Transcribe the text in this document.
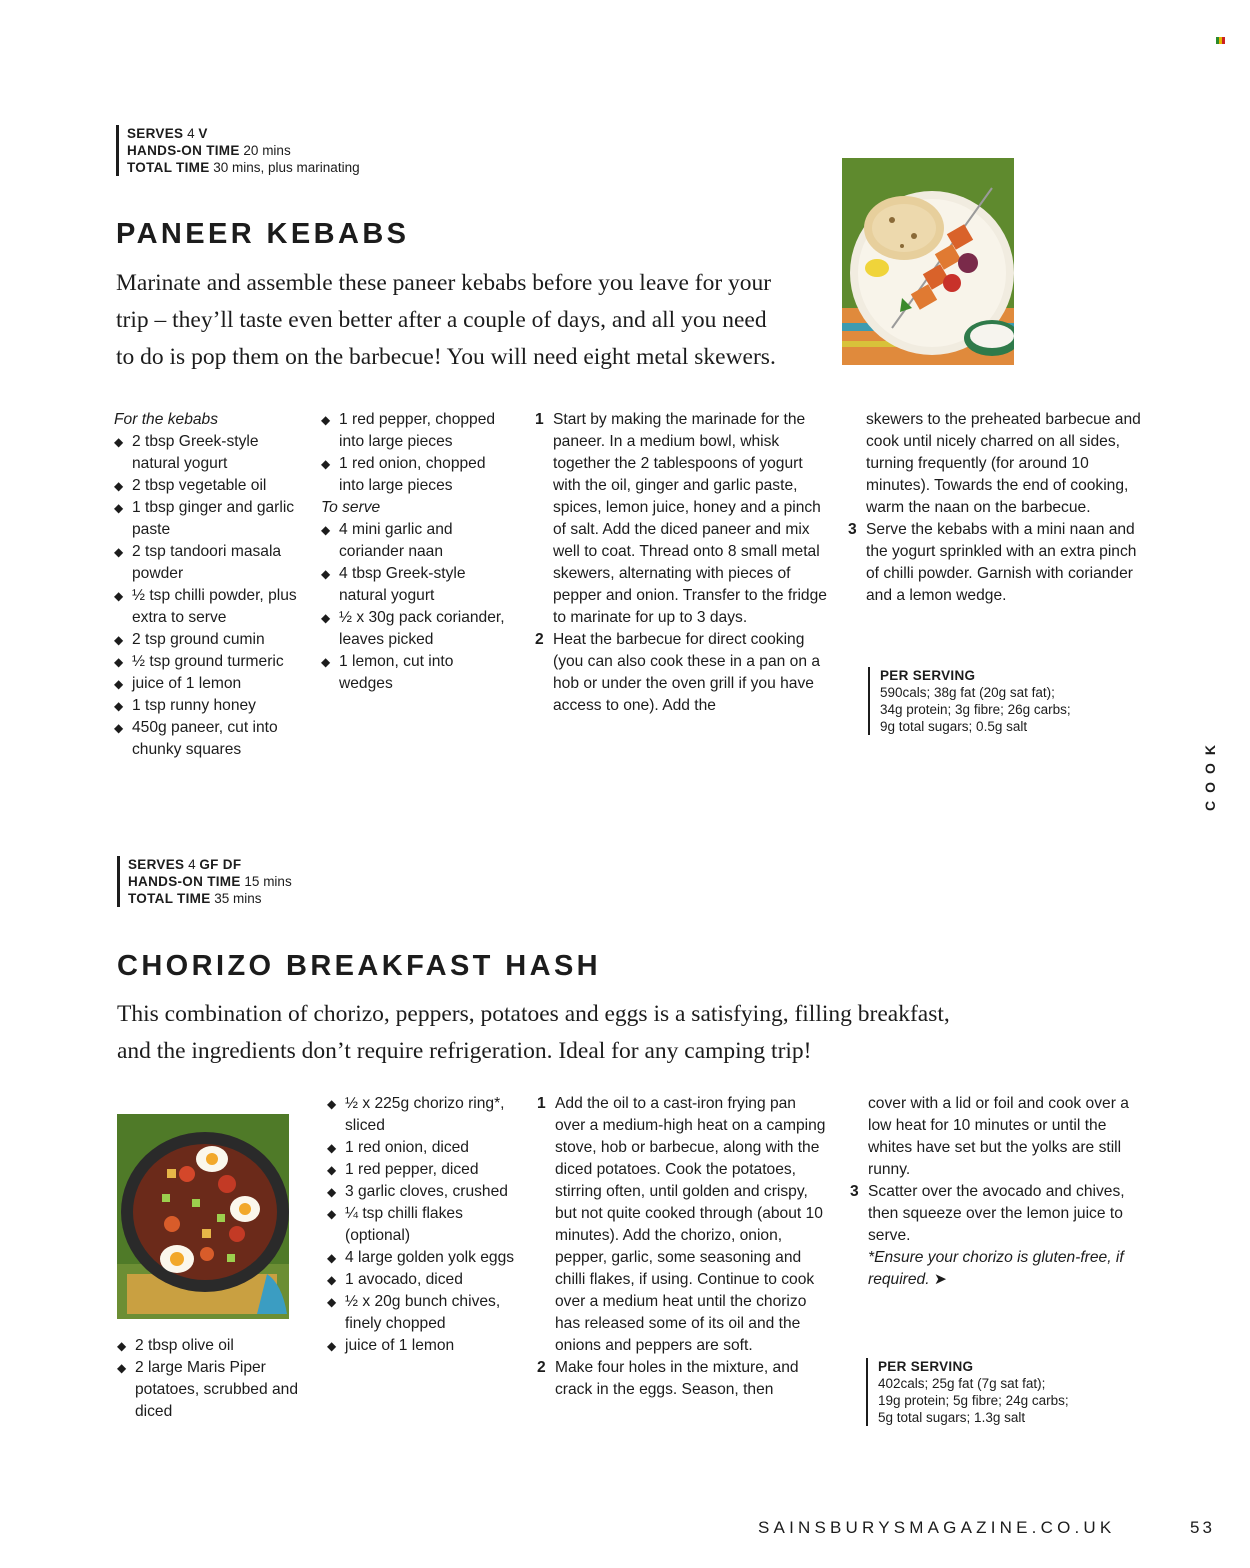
SERVES 4 V
HANDS-ON TIME 20 mins
TOTAL TIME 30 mins, plus marinating
PANEER KEBABS
Marinate and assemble these paneer kebabs before you leave for your
trip – they’ll taste even better after a couple of days, and all you need
to do is pop them on the barbecue! You will need eight metal skewers.

For the kebabs

◆ 2 tbsp Greek-style natural yogurt

◆ 2 tbsp vegetable oil

◆ 1 tbsp ginger and garlic paste

◆ 2 tsp tandoori masala powder

◆ ½ tsp chilli powder, plus extra to serve

◆ 2 tsp ground cumin

◆ ½ tsp ground turmeric

◆ juice of 1 lemon

◆ 1 tsp runny honey

◆ 450g paneer, cut into chunky squares

◆ 1 red pepper, chopped into large pieces

◆ 1 red onion, chopped into large pieces

To serve

◆ 4 mini garlic and coriander naan

◆ 4 tbsp Greek-style natural yogurt

◆ ½ x 30g pack coriander, leaves picked

◆ 1 lemon, cut into wedges

1 Start by making the marinade for the paneer. In a medium bowl, whisk together the 2 tablespoons of yogurt with the oil, ginger and garlic paste, spices, lemon juice, honey and a pinch of salt. Add the diced paneer and mix well to coat. Thread onto 8 small metal skewers, alternating with pieces of pepper and onion. Transfer to the fridge to marinate for up to 3 days.

2 Heat the barbecue for direct cooking (you can also cook these in a pan on a hob or under the oven grill if you have access to one). Add the

skewers to the preheated barbecue and cook until nicely charred on all sides, turning frequently (for around 10 minutes). Towards the end of cooking, warm the naan on the barbecue.

3 Serve the kebabs with a mini naan and the yogurt sprinkled with an extra pinch of chilli powder. Garnish with coriander and a lemon wedge.

PER SERVING
590cals; 38g fat (20g sat fat);
34g protein; 3g fibre; 26g carbs;
9g total sugars; 0.5g salt
COOK
SERVES 4 GF DF
HANDS-ON TIME 15 mins
TOTAL TIME 35 mins
CHORIZO BREAKFAST HASH
This combination of chorizo, peppers, potatoes and eggs is a satisfying, filling breakfast,
and the ingredients don’t require refrigeration. Ideal for any camping trip!

◆ 2 tbsp olive oil

◆ 2 large Maris Piper potatoes, scrubbed and diced

◆ ½ x 225g chorizo ring*, sliced

◆ 1 red onion, diced

◆ 1 red pepper, diced

◆ 3 garlic cloves, crushed

◆ ¼ tsp chilli flakes (optional)

◆ 4 large golden yolk eggs

◆ 1 avocado, diced

◆ ½ x 20g bunch chives, finely chopped

◆ juice of 1 lemon

1 Add the oil to a cast-iron frying pan over a medium-high heat on a camping stove, hob or barbecue, along with the diced potatoes. Cook the potatoes, stirring often, until golden and crispy, but not quite cooked through (about 10 minutes). Add the chorizo, onion, pepper, garlic, some seasoning and chilli flakes, if using. Continue to cook over a medium heat until the chorizo has released some of its oil and the onions and peppers are soft.

2 Make four holes in the mixture, and crack in the eggs. Season, then

cover with a lid or foil and cook over a low heat for 10 minutes or until the whites have set but the yolks are still runny.

3 Scatter over the avocado and chives, then squeeze over the lemon juice to serve.

*Ensure your chorizo is gluten-free, if required. ➤

PER SERVING
402cals; 25g fat (7g sat fat);
19g protein; 5g fibre; 24g carbs;
5g total sugars; 1.3g salt
SAINSBURYSMAGAZINE.CO.UK	53
